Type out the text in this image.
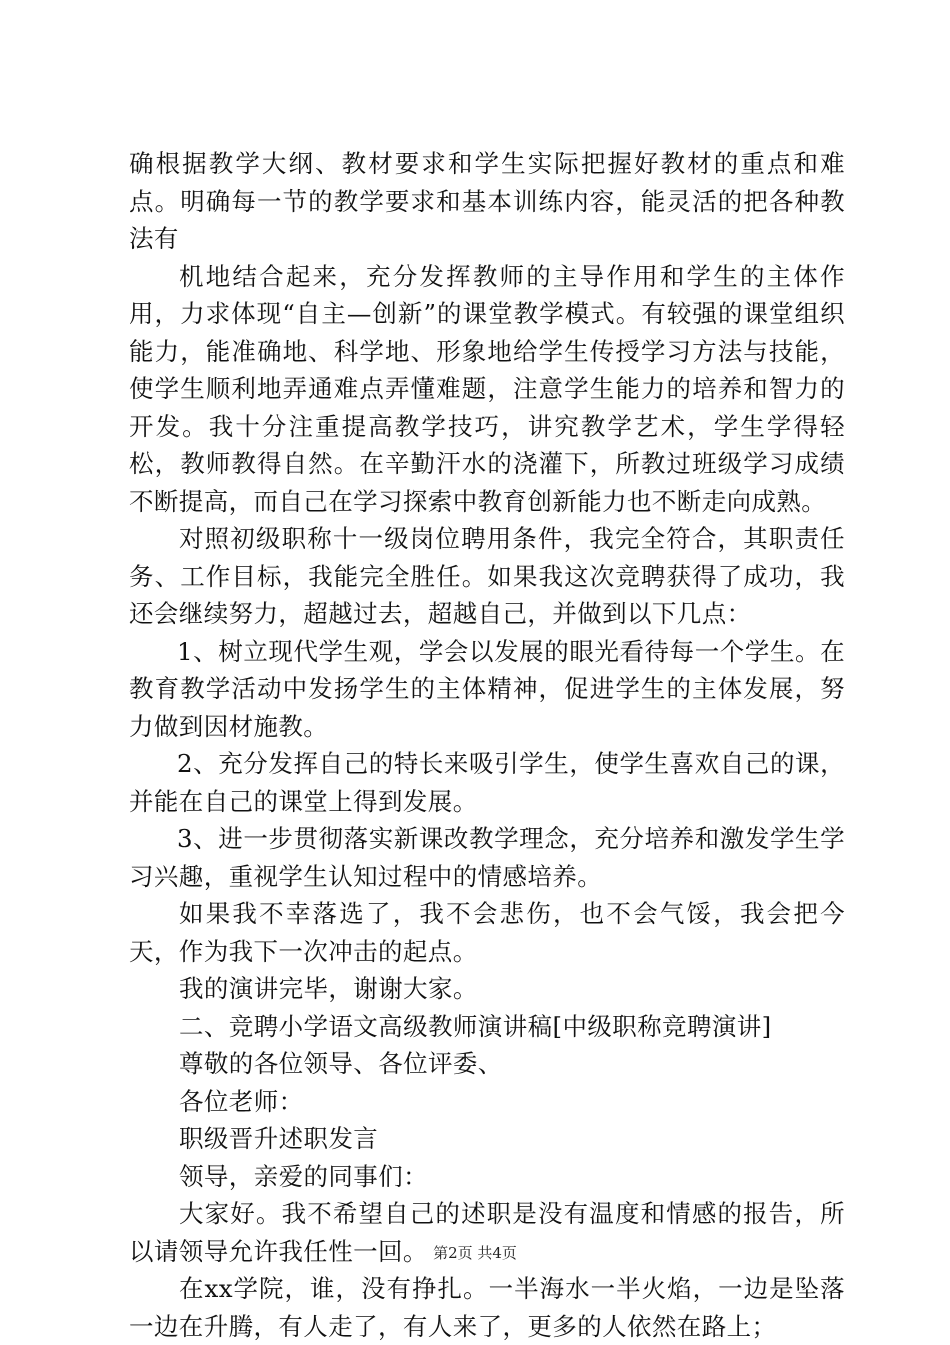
确根据教学大纲、教材要求和学生实际把握好教材的重点和难点。明确每一节的教学要求和基本训练内容，能灵活的把各种教法有

机地结合起来，充分发挥教师的主导作用和学生的主体作用，力求体现“自主—创新”的课堂教学模式。有较强的课堂组织能力，能准确地、科学地、形象地给学生传授学习方法与技能，使学生顺利地弄通难点弄懂难题，注意学生能力的培养和智力的开发。我十分注重提高教学技巧，讲究教学艺术，学生学得轻松，教师教得自然。在辛勤汗水的浇灌下，所教过班级学习成绩不断提高，而自己在学习探索中教育创新能力也不断走向成熟。

对照初级职称十一级岗位聘用条件，我完全符合，其职责任务、工作目标，我能完全胜任。如果我这次竞聘获得了成功，我还会继续努力，超越过去，超越自己，并做到以下几点：

1、树立现代学生观，学会以发展的眼光看待每一个学生。在教育教学活动中发扬学生的主体精神，促进学生的主体发展，努力做到因材施教。

2、充分发挥自己的特长来吸引学生，使学生喜欢自己的课，并能在自己的课堂上得到发展。

3、进一步贯彻落实新课改教学理念，充分培养和激发学生学习兴趣，重视学生认知过程中的情感培养。

如果我不幸落选了，我不会悲伤，也不会气馁，我会把今天，作为我下一次冲击的起点。

我的演讲完毕，谢谢大家。

二、竞聘小学语文高级教师演讲稿[中级职称竞聘演讲]

尊敬的各位领导、各位评委、

各位老师：

职级晋升述职发言

领导，亲爱的同事们：

大家好。我不希望自己的述职是没有温度和情感的报告，所以请领导允许我任性一回。

在xx学院，谁，没有挣扎。一半海水一半火焰，一边是坠落一边在升腾，有人走了，有人来了，更多的人依然在路上；

第2页 共4页
